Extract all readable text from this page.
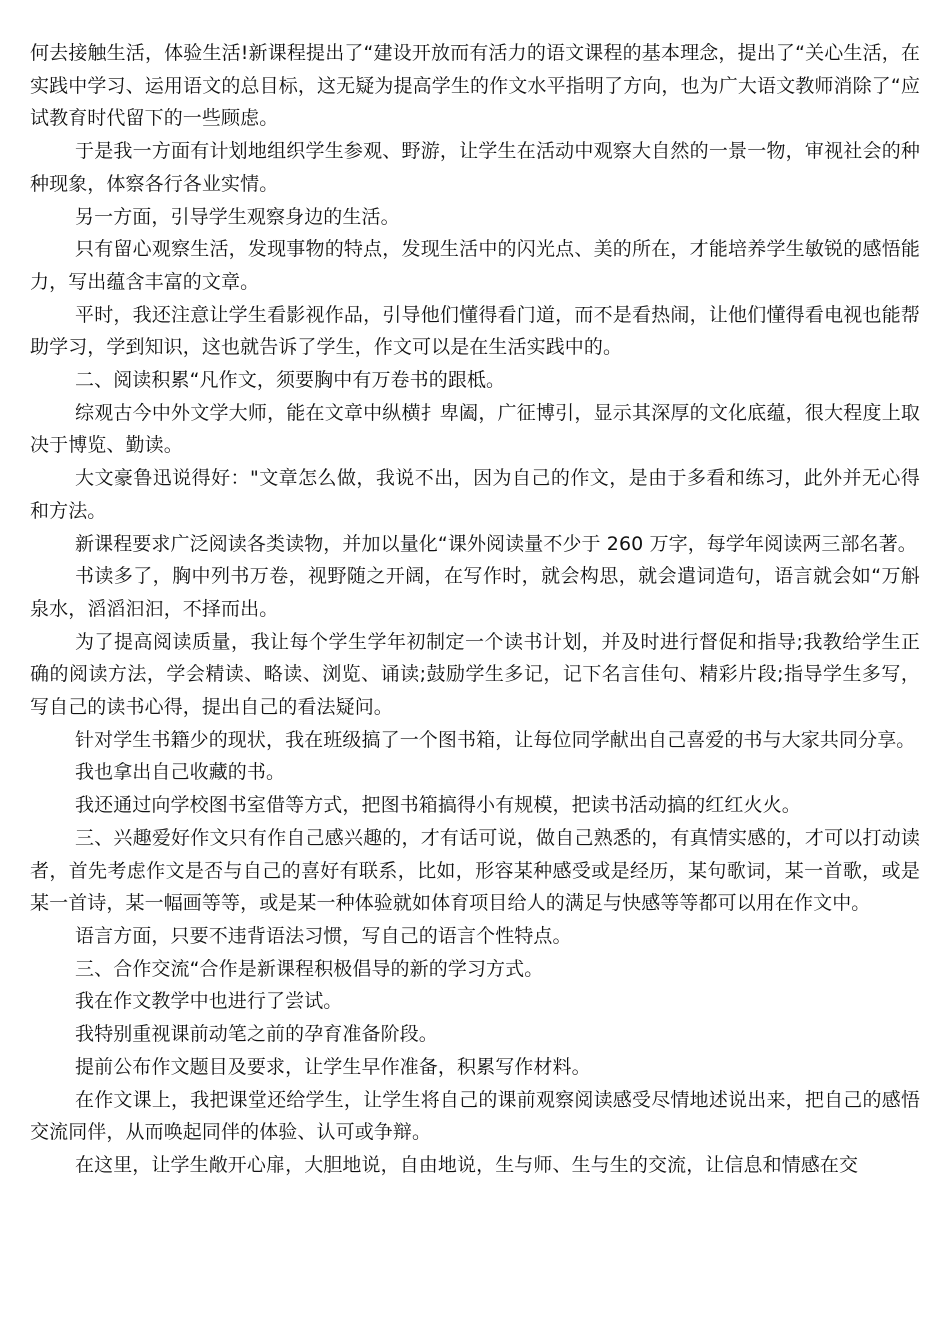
何去接触生活，体验生活!新课程提出了“建设开放而有活力的语文课程的基本理念，提出了“关心生活，在实践中学习、运用语文的总目标，这无疑为提高学生的作文水平指明了方向，也为广大语文教师消除了“应试教育时代留下的一些顾虑。

于是我一方面有计划地组织学生参观、野游，让学生在活动中观察大自然的一景一物，审视社会的种种现象，体察各行各业实情。

另一方面，引导学生观察身边的生活。

只有留心观察生活，发现事物的特点，发现生活中的闪光点、美的所在，才能培养学生敏锐的感悟能力，写出蕴含丰富的文章。

平时，我还注意让学生看影视作品，引导他们懂得看门道，而不是看热闹，让他们懂得看电视也能帮助学习，学到知识，这也就告诉了学生，作文可以是在生活实践中的。

二、阅读积累“凡作文，须要胸中有万卷书的跟柢。

综观古今中外文学大师，能在文章中纵横扌卑阖，广征博引，显示其深厚的文化底蕴，很大程度上取决于博览、勤读。

大文豪鲁迅说得好："文章怎么做，我说不出，因为自己的作文，是由于多看和练习，此外并无心得和方法。

新课程要求广泛阅读各类读物，并加以量化“课外阅读量不少于 260 万字，每学年阅读两三部名著。

书读多了，胸中列书万卷，视野随之开阔，在写作时，就会构思，就会遣词造句，语言就会如“万斛泉水，滔滔汩汩，不择而出。

为了提高阅读质量，我让每个学生学年初制定一个读书计划，并及时进行督促和指导;我教给学生正确的阅读方法，学会精读、略读、浏览、诵读;鼓励学生多记，记下名言佳句、精彩片段;指导学生多写，写自己的读书心得，提出自己的看法疑问。

针对学生书籍少的现状，我在班级搞了一个图书箱，让每位同学献出自己喜爱的书与大家共同分享。

我也拿出自己收藏的书。

我还通过向学校图书室借等方式，把图书箱搞得小有规模，把读书活动搞的红红火火。

三、兴趣爱好作文只有作自己感兴趣的，才有话可说，做自己熟悉的，有真情实感的，才可以打动读者，首先考虑作文是否与自己的喜好有联系，比如，形容某种感受或是经历，某句歌词，某一首歌，或是某一首诗，某一幅画等等，或是某一种体验就如体育项目给人的满足与快感等等都可以用在作文中。

语言方面，只要不违背语法习惯，写自己的语言个性特点。

三、合作交流“合作是新课程积极倡导的新的学习方式。

我在作文教学中也进行了尝试。

我特别重视课前动笔之前的孕育准备阶段。

提前公布作文题目及要求，让学生早作准备，积累写作材料。

在作文课上，我把课堂还给学生，让学生将自己的课前观察阅读感受尽情地述说出来，把自己的感悟交流同伴，从而唤起同伴的体验、认可或争辩。

在这里，让学生敞开心扉，大胆地说，自由地说，生与师、生与生的交流，让信息和情感在交
